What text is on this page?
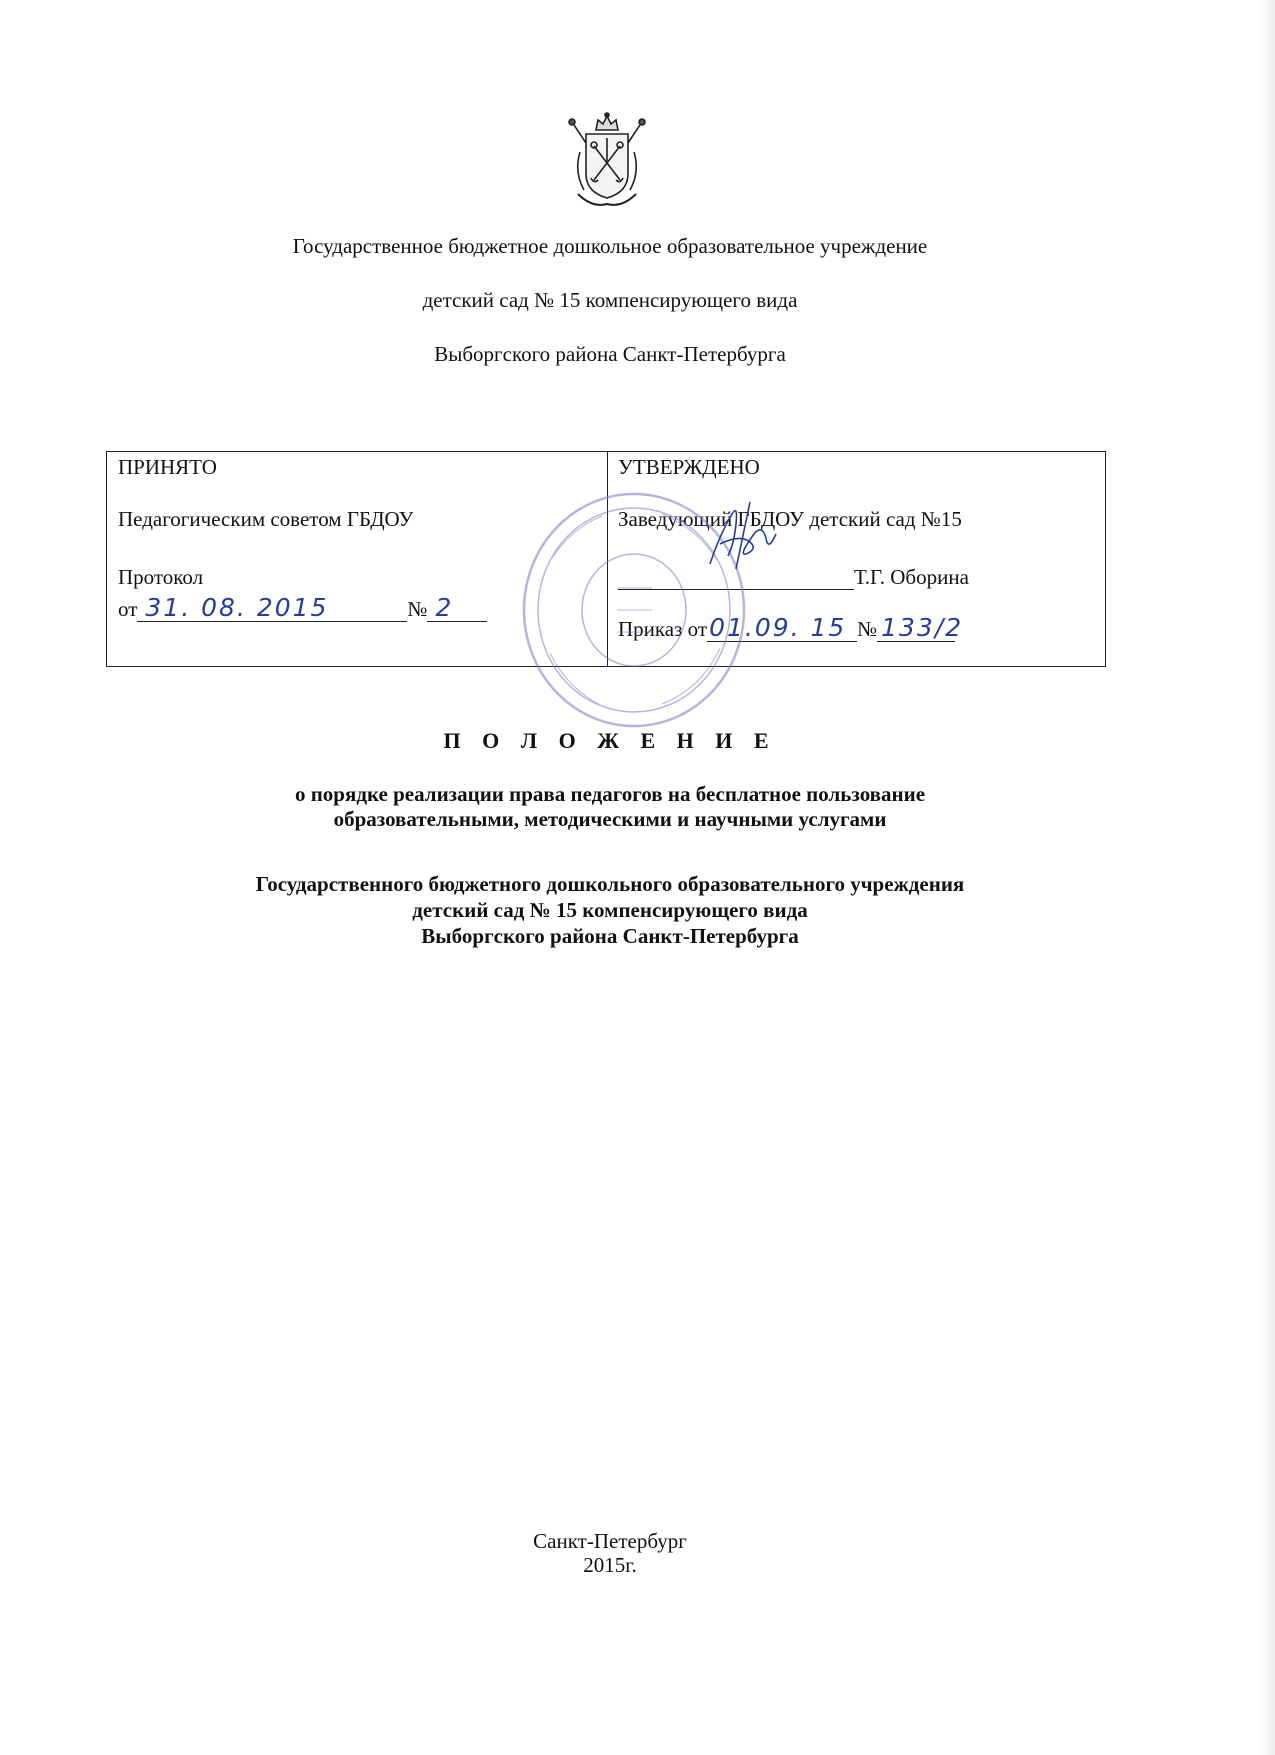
Государственное бюджетное дошкольное образовательное учреждение
детский сад № 15 компенсирующего вида
Выборгского района Санкт-Петербурга
ПРИНЯТО
Педагогическим советом ГБДОУ
Протокол
от 31. 08. 2015	№ 2
УТВЕРЖДЕНО
Заведующий ГБДОУ детский сад №15
Т.Г. Оборина
Приказ от 01.09. 15 № 133/2
П О Л О Ж Е Н И Е
о порядке реализации права педагогов на бесплатное пользование
образовательными, методическими и научными услугами
Государственного бюджетного дошкольного образовательного учреждения
детский сад № 15 компенсирующего вида
Выборгского района Санкт-Петербурга
Санкт-Петербург
2015г.
